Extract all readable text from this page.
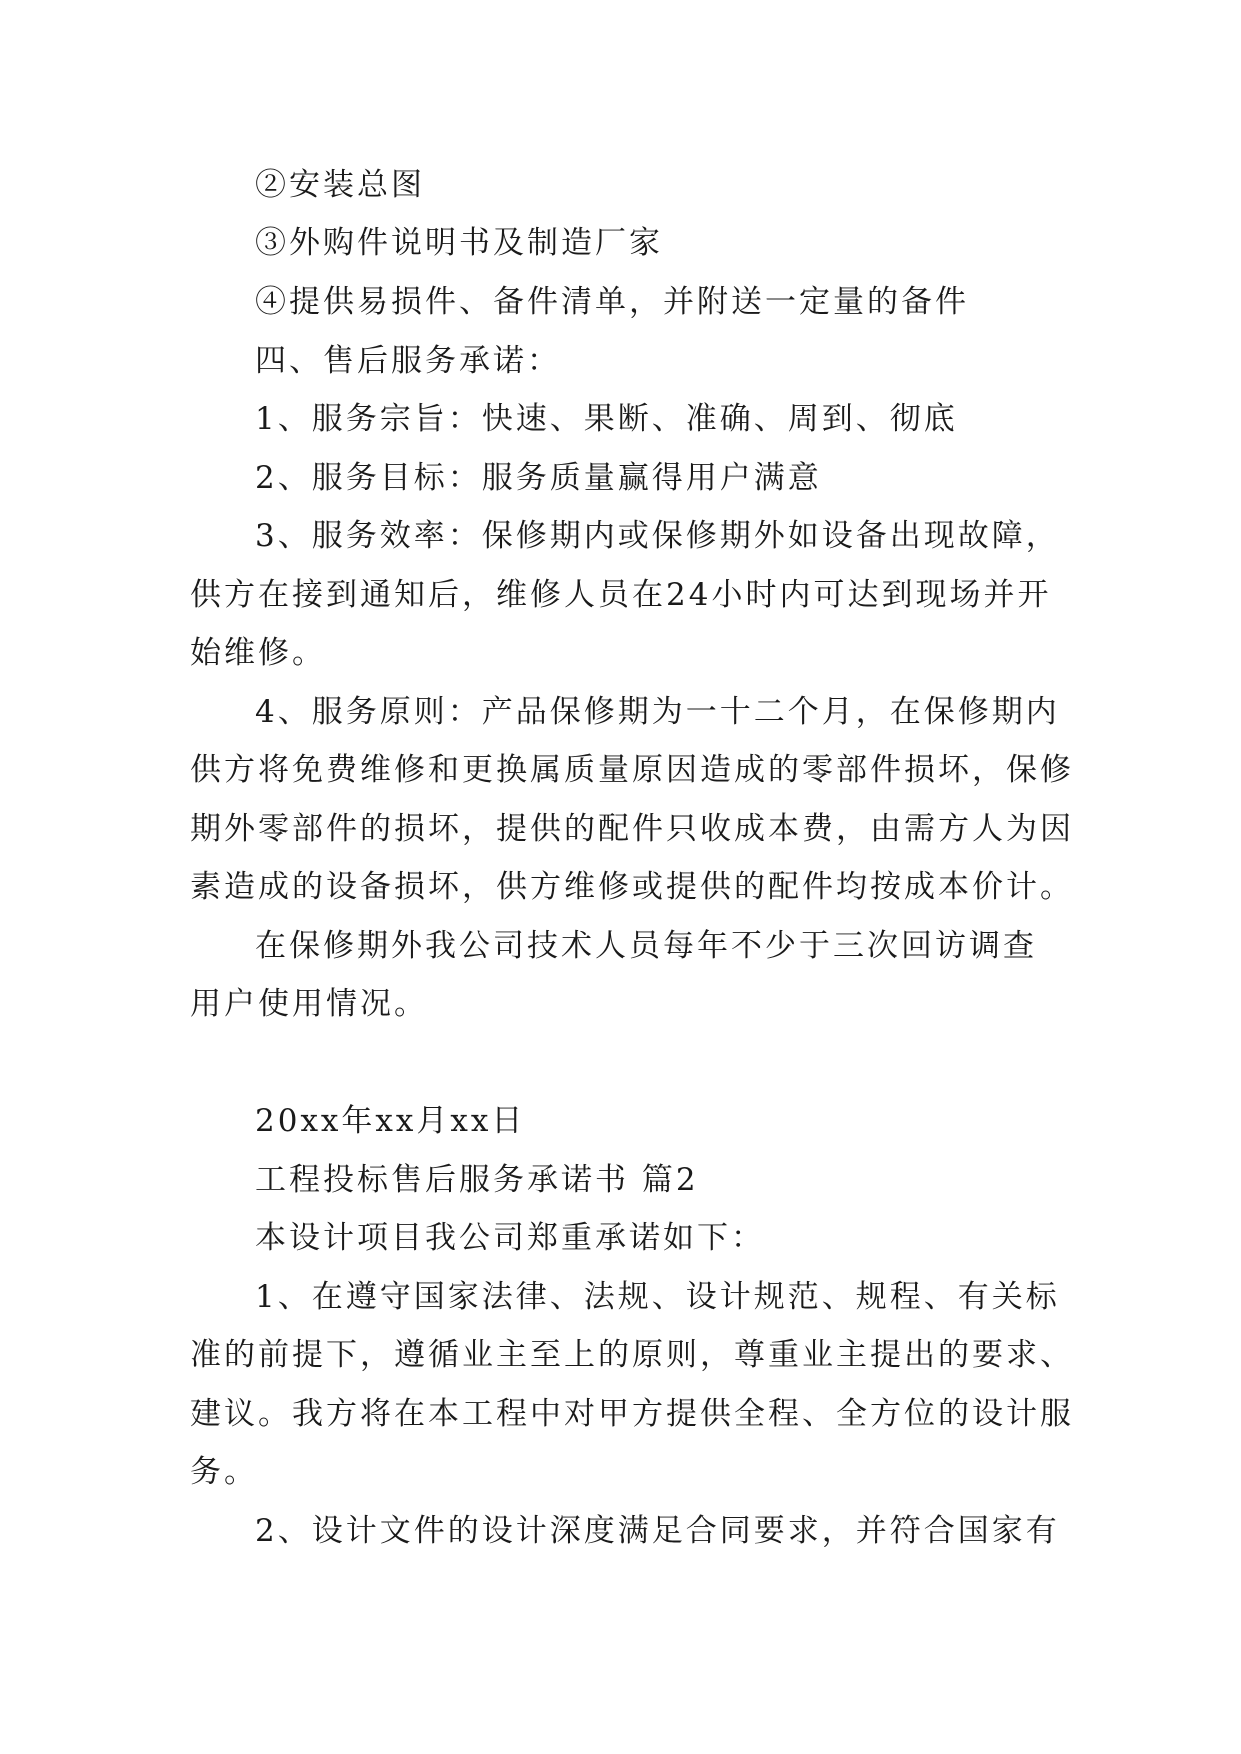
②安装总图
③外购件说明书及制造厂家
④提供易损件、备件清单，并附送一定量的备件
四、售后服务承诺：
1、服务宗旨：快速、果断、准确、周到、彻底
2、服务目标：服务质量赢得用户满意
3、服务效率：保修期内或保修期外如设备出现故障，
供方在接到通知后，维修人员在24小时内可达到现场并开
始维修。
4、服务原则：产品保修期为一十二个月，在保修期内
供方将免费维修和更换属质量原因造成的零部件损坏，保修
期外零部件的损坏，提供的配件只收成本费，由需方人为因
素造成的设备损坏，供方维修或提供的配件均按成本价计。
在保修期外我公司技术人员每年不少于三次回访调查
用户使用情况。
20xx年xx月xx日
工程投标售后服务承诺书 篇2
本设计项目我公司郑重承诺如下：
1、在遵守国家法律、法规、设计规范、规程、有关标
准的前提下，遵循业主至上的原则，尊重业主提出的要求、
建议。我方将在本工程中对甲方提供全程、全方位的设计服
务。
2、设计文件的设计深度满足合同要求，并符合国家有
